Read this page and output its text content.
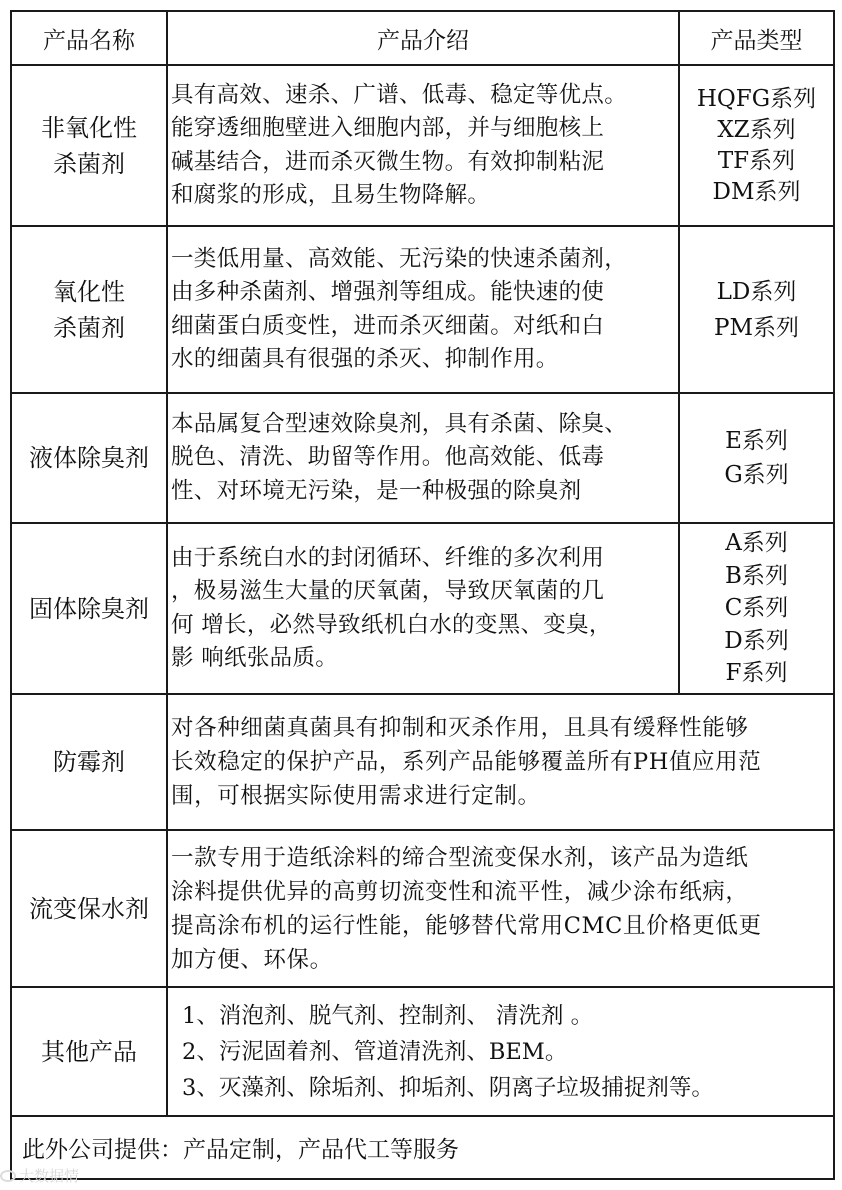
产品名称	产品介绍	产品类型
非氧化性
杀菌剂
具有高效、速杀、广谱、低毒、稳定等优点。
能穿透细胞壁进入细胞内部，并与细胞核上
碱基结合，进而杀灭微生物。有效抑制粘泥
和腐浆的形成，且易生物降解。
HQFG系列
XZ系列
TF系列
DM系列
氧化性
杀菌剂
一类低用量、高效能、无污染的快速杀菌剂，
由多种杀菌剂、增强剂等组成。能快速的使
细菌蛋白质变性，进而杀灭细菌。对纸和白
水的细菌具有很强的杀灭、抑制作用。
LD系列
PM系列
液体除臭剂
本品属复合型速效除臭剂，具有杀菌、除臭、
脱色、清洗、助留等作用。他高效能、低毒
性、对环境无污染，是一种极强的除臭剂
E系列
G系列
固体除臭剂
由于系统白水的封闭循环、纤维的多次利用
，极易滋生大量的厌氧菌，导致厌氧菌的几
何 增长，必然导致纸机白水的变黑、变臭，
影 响纸张品质。
A系列
B系列
C系列
D系列
F系列
防霉剂
对各种细菌真菌具有抑制和灭杀作用，且具有缓释性能够
长效稳定的保护产品，系列产品能够覆盖所有PH值应用范
围，可根据实际使用需求进行定制。
流变保水剂
一款专用于造纸涂料的缔合型流变保水剂，该产品为造纸
涂料提供优异的高剪切流变性和流平性，减少涂布纸病，
提高涂布机的运行性能，能够替代常用CMC且价格更低更
加方便、环保。
其他产品
1、消泡剂、脱气剂、控制剂、 清洗剂 。
2、污泥固着剂、管道清洗剂、BEM。
3、灭藻剂、除垢剂、抑垢剂、阴离子垃圾捕捉剂等。
此外公司提供：产品定制，产品代工等服务
大数据情
